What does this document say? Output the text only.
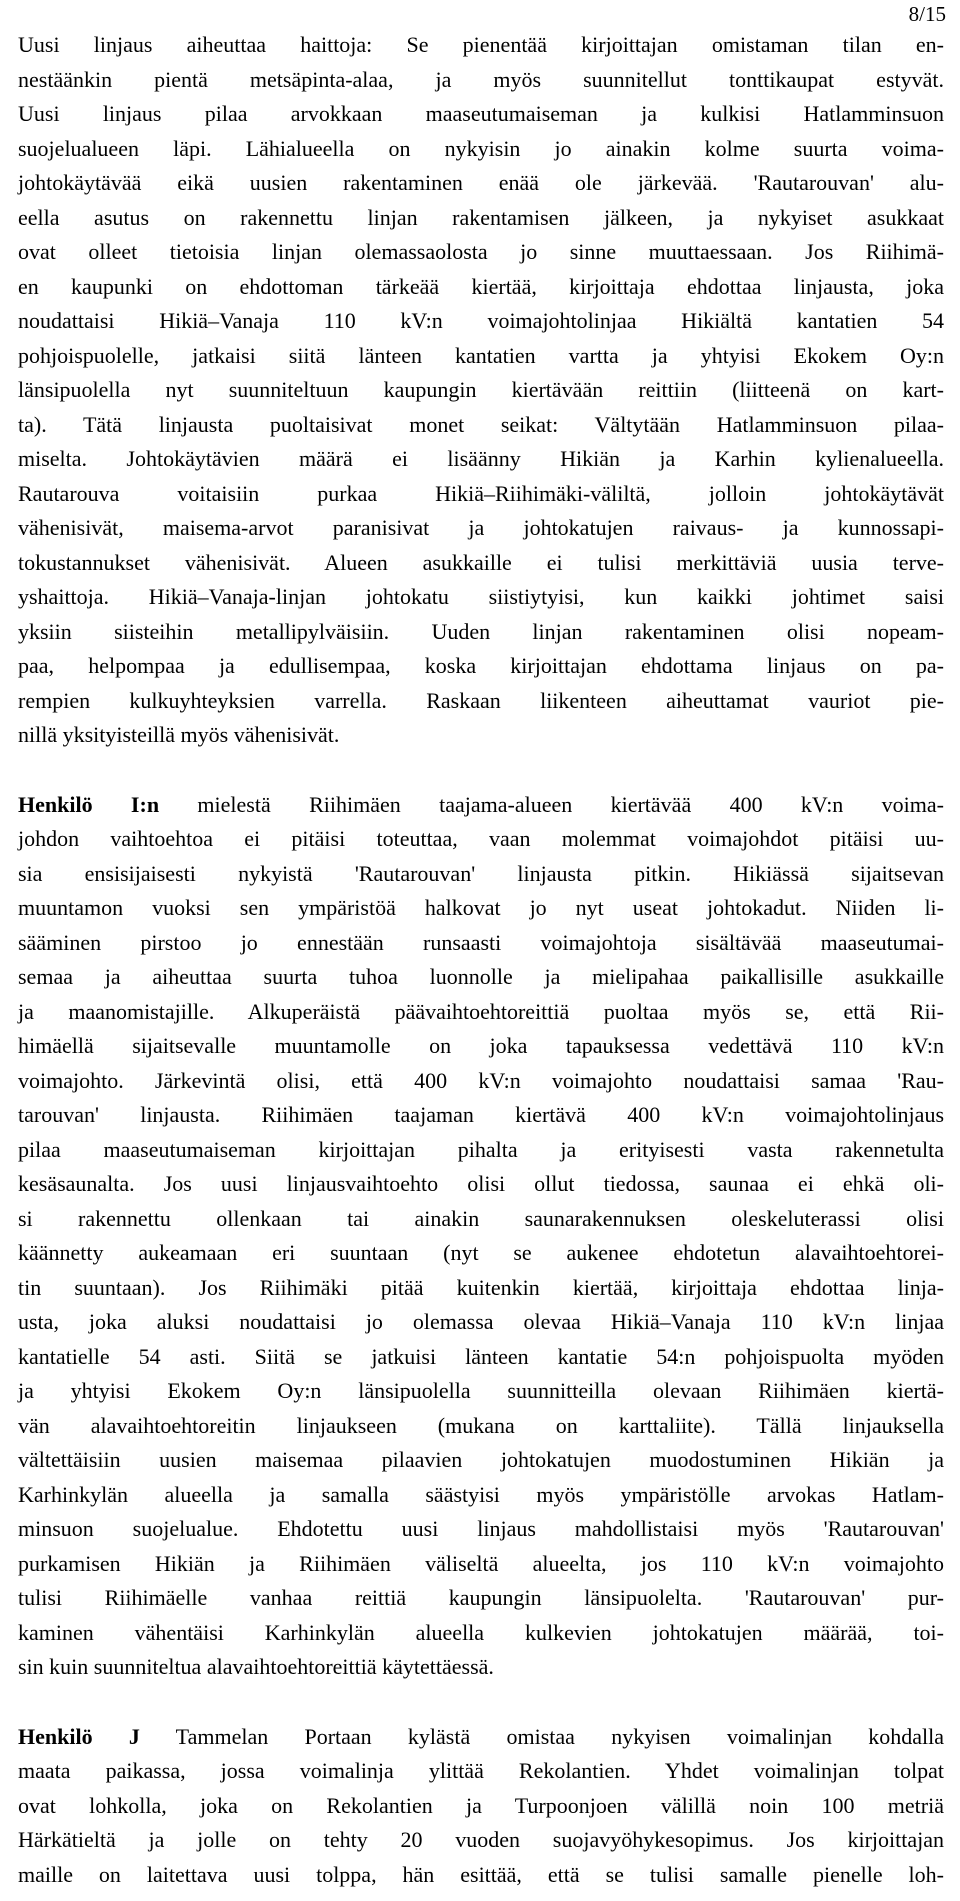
8/15
Uusi linjaus aiheuttaa haittoja: Se pienentää kirjoittajan omistaman tilan en-
nestäänkin pientä metsäpinta-alaa, ja myös suunnitellut tonttikaupat estyvät.
Uusi linjaus pilaa arvokkaan maaseutumaiseman ja kulkisi Hatlamminsuon
suojelualueen läpi. Lähialueella on nykyisin jo ainakin kolme suurta voima-
johtokäytävää eikä uusien rakentaminen enää ole järkevää. 'Rautarouvan' alu-
eella asutus on rakennettu linjan rakentamisen jälkeen, ja nykyiset asukkaat
ovat olleet tietoisia linjan olemassaolosta jo sinne muuttaessaan. Jos Riihimä-
en kaupunki on ehdottoman tärkeää kiertää, kirjoittaja ehdottaa linjausta, joka
noudattaisi Hikiä–Vanaja 110 kV:n voimajohtolinjaa Hikiältä kantatien 54
pohjoispuolelle, jatkaisi siitä länteen kantatien vartta ja yhtyisi Ekokem Oy:n
länsipuolella nyt suunniteltuun kaupungin kiertävään reittiin (liitteenä on kart-
ta). Tätä linjausta puoltaisivat monet seikat: Vältytään Hatlamminsuon pilaa-
miselta. Johtokäytävien määrä ei lisäänny Hikiän ja Karhin kylienalueella.
Rautarouva voitaisiin purkaa Hikiä–Riihimäki-väliltä, jolloin johtokäytävät
vähenisivät, maisema-arvot paranisivat ja johtokatujen raivaus- ja kunnossapi-
tokustannukset vähenisivät. Alueen asukkaille ei tulisi merkittäviä uusia terve-
yshaittoja. Hikiä–Vanaja-linjan johtokatu siistiytyisi, kun kaikki johtimet saisi
yksiin siisteihin metallipylväisiin. Uuden linjan rakentaminen olisi nopeam-
paa, helpompaa ja edullisempaa, koska kirjoittajan ehdottama linjaus on pa-
rempien kulkuyhteyksien varrella. Raskaan liikenteen aiheuttamat vauriot pie-
nillä yksityisteillä myös vähenisivät.
Henkilö I:n mielestä Riihimäen taajama-alueen kiertävää 400 kV:n voima-
johdon vaihtoehtoa ei pitäisi toteuttaa, vaan molemmat voimajohdot pitäisi uu-
sia ensisijaisesti nykyistä 'Rautarouvan' linjausta pitkin. Hikiässä sijaitsevan
muuntamon vuoksi sen ympäristöä halkovat jo nyt useat johtokadut. Niiden li-
sääminen pirstoo jo ennestään runsaasti voimajohtoja sisältävää maaseutumai-
semaa ja aiheuttaa suurta tuhoa luonnolle ja mielipahaa paikallisille asukkaille
ja maanomistajille. Alkuperäistä päävaihtoehtoreittiä puoltaa myös se, että Rii-
himäellä sijaitsevalle muuntamolle on joka tapauksessa vedettävä 110 kV:n
voimajohto. Järkevintä olisi, että 400 kV:n voimajohto noudattaisi samaa 'Rau-
tarouvan' linjausta. Riihimäen taajaman kiertävä 400 kV:n voimajohtolinjaus
pilaa maaseutumaiseman kirjoittajan pihalta ja erityisesti vasta rakennetulta
kesäsaunalta. Jos uusi linjausvaihtoehto olisi ollut tiedossa, saunaa ei ehkä oli-
si rakennettu ollenkaan tai ainakin saunarakennuksen oleskeluterassi olisi
käännetty aukeamaan eri suuntaan (nyt se aukenee ehdotetun alavaihtoehtorei-
tin suuntaan). Jos Riihimäki pitää kuitenkin kiertää, kirjoittaja ehdottaa linja-
usta, joka aluksi noudattaisi jo olemassa olevaa Hikiä–Vanaja 110 kV:n linjaa
kantatielle 54 asti. Siitä se jatkuisi länteen kantatie 54:n pohjoispuolta myöden
ja yhtyisi Ekokem Oy:n länsipuolella suunnitteilla olevaan Riihimäen kiertä-
vän alavaihtoehtoreitin linjaukseen (mukana on karttaliite). Tällä linjauksella
vältettäisiin uusien maisemaa pilaavien johtokatujen muodostuminen Hikiän ja
Karhinkylän alueella ja samalla säästyisi myös ympäristölle arvokas Hatlam-
minsuon suojelualue. Ehdotettu uusi linjaus mahdollistaisi myös 'Rautarouvan'
purkamisen Hikiän ja Riihimäen väliseltä alueelta, jos 110 kV:n voimajohto
tulisi Riihimäelle vanhaa reittiä kaupungin länsipuolelta. 'Rautarouvan' pur-
kaminen vähentäisi Karhinkylän alueella kulkevien johtokatujen määrää, toi-
sin kuin suunniteltua alavaihtoehtoreittiä käytettäessä.
Henkilö J Tammelan Portaan kylästä omistaa nykyisen voimalinjan kohdalla
maata paikassa, jossa voimalinja ylittää Rekolantien. Yhdet voimalinjan tolpat
ovat lohkolla, joka on Rekolantien ja Turpoonjoen välillä noin 100 metriä
Härkätieltä ja jolle on tehty 20 vuoden suojavyöhykesopimus. Jos kirjoittajan
maille on laitettava uusi tolppa, hän esittää, että se tulisi samalle pienelle loh-
